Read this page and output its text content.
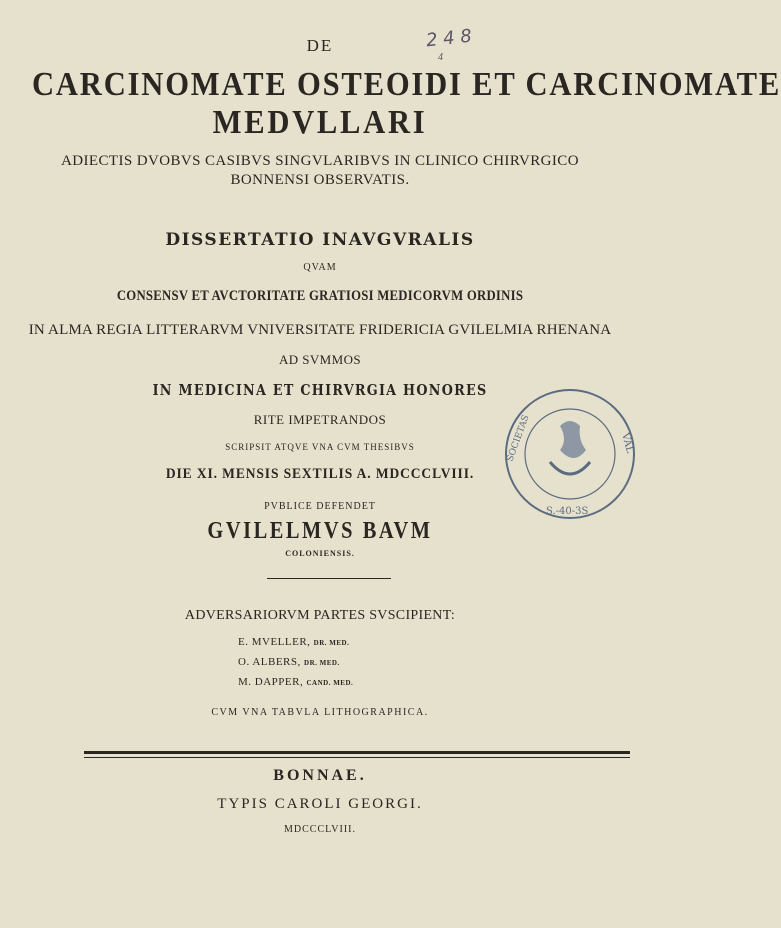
2 4 8
4
DE
CARCINOMATE OSTEOIDI ET CARCINOMATE
MEDVLLARI
ADIECTIS DVOBVS CASIBVS SINGVLARIBVS IN CLINICO CHIRVRGICO
BONNENSI OBSERVATIS.
DISSERTATIO INAVGVRALIS
QVAM
CONSENSV ET AVCTORITATE GRATIOSI MEDICORVM ORDINIS
IN ALMA REGIA LITTERARVM VNIVERSITATE FRIDERICIA GVILELMIA RHENANA
AD SVMMOS
IN MEDICINA ET CHIRVRGIA HONORES
RITE IMPETRANDOS
SCRIPSIT ATQVE VNA CVM THESIBVS
DIE XI. MENSIS SEXTILIS A. MDCCCLVIII.
PVBLICE DEFENDET
GVILELMVS BAVM
COLONIENSIS.
ADVERSARIORVM PARTES SVSCIPIENT:
E. MVELLER, DR. MED.
O. ALBERS, DR. MED.
M. DAPPER, CAND. MED.
CVM VNA TABVLA LITHOGRAPHICA.
BONNAE.
TYPIS CAROLI GEORGI.
MDCCCLVIII.
SOCIETAS	VAL
S.-40-3S
